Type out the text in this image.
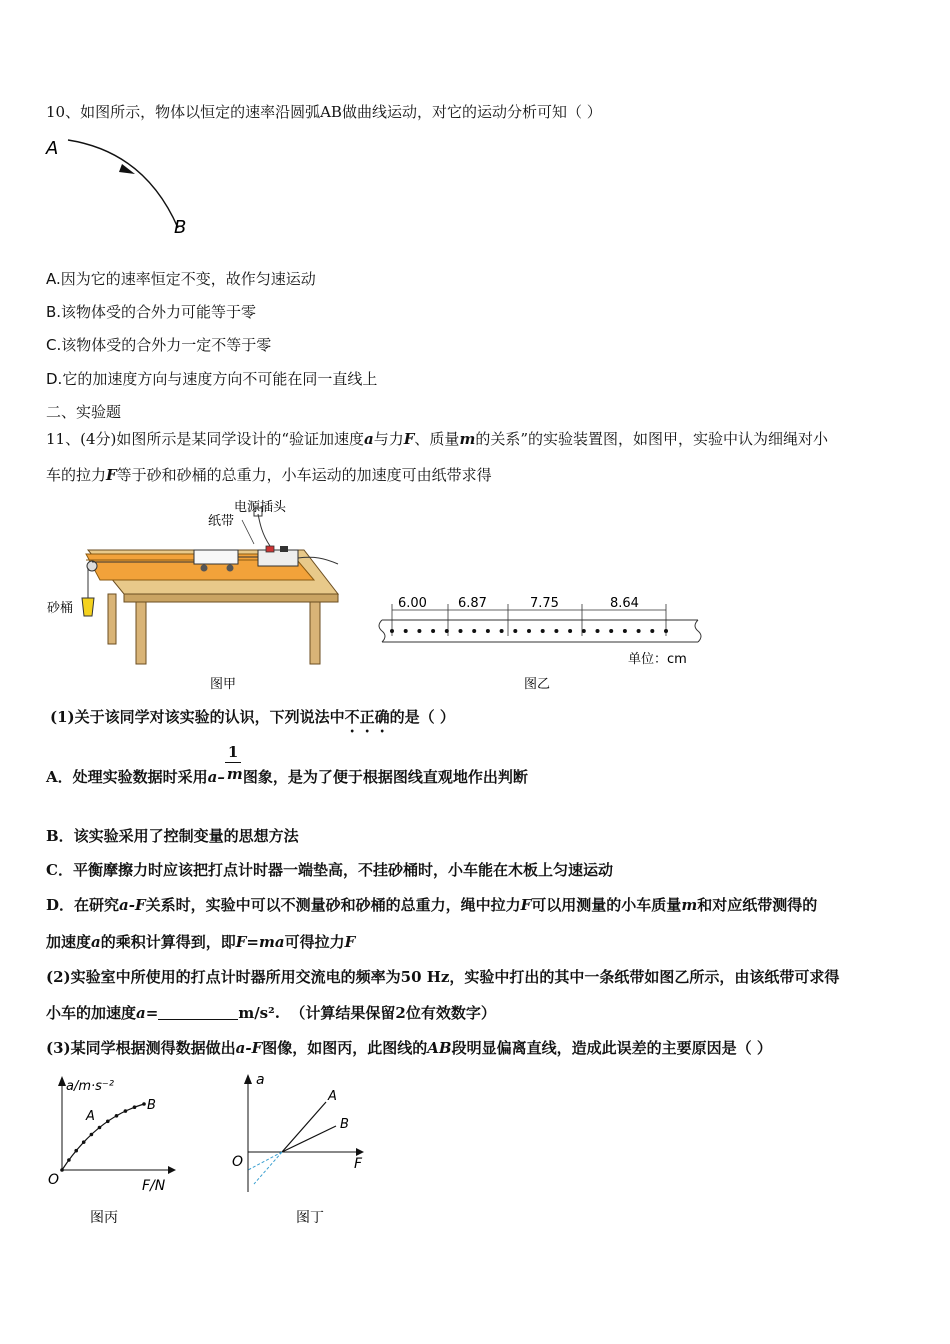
10、如图所示，物体以恒定的速率沿圆弧AB做曲线运动，对它的运动分析可知（ ）
A
B
A.因为它的速率恒定不变，故作匀速运动
B.该物体受的合外力可能等于零
C.该物体受的合外力一定不等于零
D.它的加速度方向与速度方向不可能在同一直线上
二、实验题
11、(4分)如图所示是某同学设计的“验证加速度a与力F、质量m的关系”的实验装置图，如图甲，实验中认为细绳对小
车的拉力F等于砂和砂桶的总重力，小车运动的加速度可由纸带求得
电源插头
纸带
砂桶
图甲
6.00 6.87	7.75	8.64
单位：cm
图乙
(1)关于该同学对该实验的认识，下列说法中不正确的是（ ）
A．处理实验数据时采用$a- \frac{1}{m}$ 图象，是为了便于根据图线直观地作出判断
B．该实验采用了控制变量的思想方法
C．平衡摩擦力时应该把打点计时器一端垫高，不挂砂桶时，小车能在木板上匀速运动
D．在研究a-F关系时，实验中可以不测量砂和砂桶的总重力，绳中拉力F可以用测量的小车质量m和对应纸带测得的
加速度a的乘积计算得到，即F=ma可得拉力F
(2)实验室中所使用的打点计时器所用交流电的频率为50 Hz，实验中打出的其中一条纸带如图乙所示，由该纸带可求得
小车的加速度a=	m/s². （计算结果保留2位有效数字）
(3)某同学根据测得数据做出a-F图像，如图丙，此图线的AB段明显偏离直线，造成此误差的主要原因是（ ）
a/m·s⁻²
F/N
O
A
B
图丙
a
F
O
A
B
图丁
